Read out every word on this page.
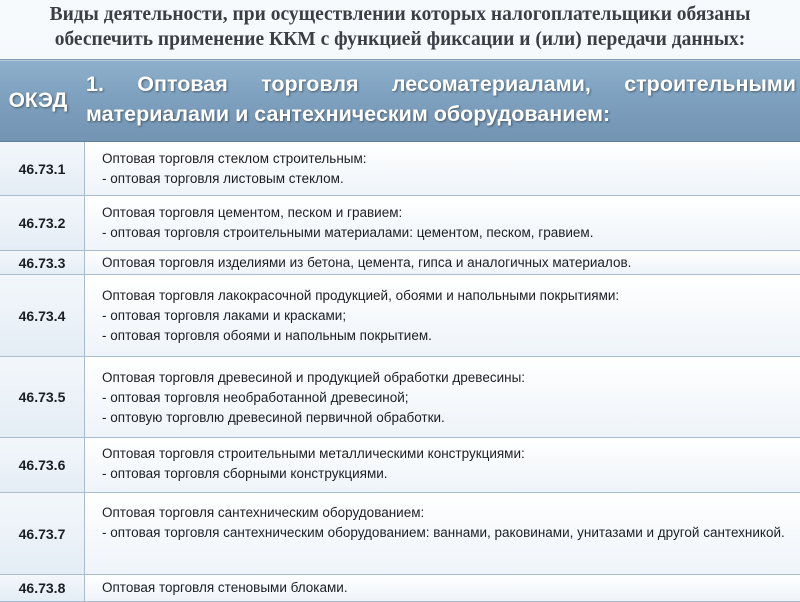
Виды деятельности, при осуществлении которых налогоплательщики обязаны
обеспечить применение ККМ с функцией фиксации и (или) передачи данных:
ОКЭД
1. Оптовая торговля лесоматериалами, строительными материалами и сантехническим оборудованием:
46.73.1
Оптовая торговля стеклом строительным:
- оптовая торговля листовым стеклом.
46.73.2
Оптовая торговля цементом, песком и гравием:
- оптовая торговля строительными материалами: цементом, песком, гравием.
46.73.3	Оптовая торговля изделиями из бетона, цемента, гипса и аналогичных материалов.
46.73.4
Оптовая торговля лакокрасочной продукцией, обоями и напольными покрытиями:
- оптовая торговля лаками и красками;
- оптовая торговля обоями и напольным покрытием.
46.73.5
Оптовая торговля древесиной и продукцией обработки древесины:
- оптовая торговля необработанной древесиной;
- оптовую торговлю древесиной первичной обработки.
46.73.6
Оптовая торговля строительными металлическими конструкциями:
- оптовая торговля сборными конструкциями.
46.73.7
Оптовая торговля сантехническим оборудованием:
- оптовая торговля сантехническим оборудованием: ваннами, раковинами, унитазами и другой сантехникой.
46.73.8	Оптовая торговля стеновыми блоками.
